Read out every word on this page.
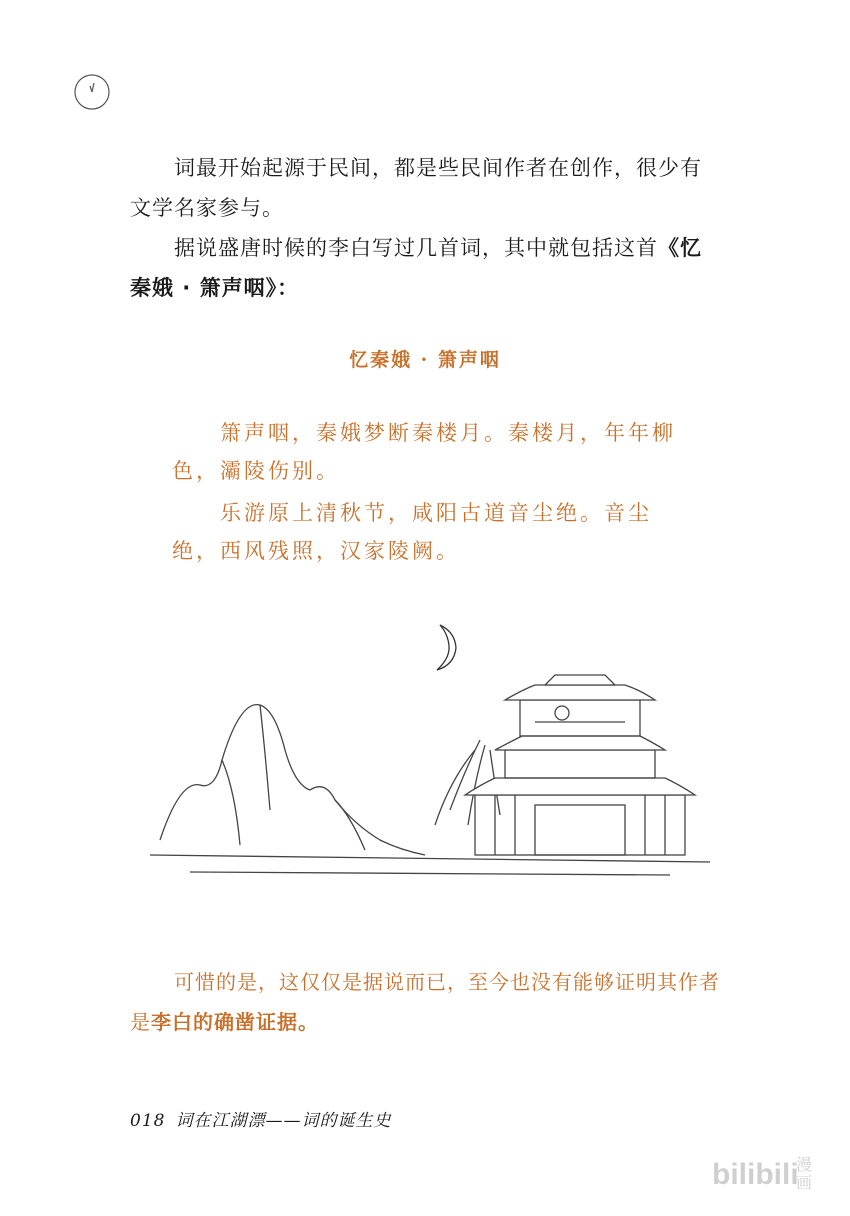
词最开始起源于民间，都是些民间作者在创作，很少有文学名家参与。

据说盛唐时候的李白写过几首词，其中就包括这首《忆秦娥 · 箫声咽》：

忆秦娥 · 箫声咽

箫声咽，秦娥梦断秦楼月。秦楼月，年年柳色，灞陵伤别。

乐游原上清秋节，咸阳古道音尘绝。音尘绝，西风残照，汉家陵阙。

可惜的是，这仅仅是据说而已，至今也没有能够证明其作者是李白的确凿证据。

018 词在江湖漂——词的诞生史
bilibili
漫画
